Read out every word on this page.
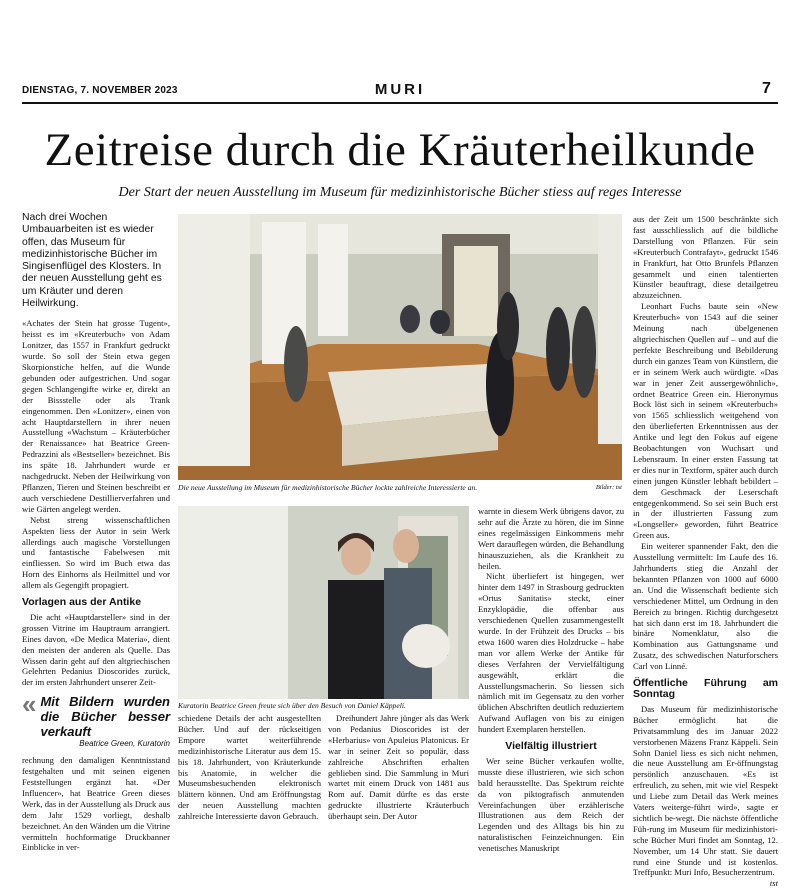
DIENSTAG, 7. NOVEMBER 2023	MURI	7
Zeitreise durch die Kräuterheilkunde
Der Start der neuen Ausstellung im Museum für medizinhistorische Bücher stiess auf reges Interesse
Nach drei Wochen Umbauarbeiten ist es wieder offen, das Museum für medizinhistorische Bücher im Singisenflügel des Klosters. In der neuen Ausstellung geht es um Kräuter und deren Heilwirkung.

«Achates der Stein hat grosse Tugent», heisst es im «Kreuterbuch» von Adam Lonitzer, das 1557 in Frankfurt gedruckt wurde. So soll der Stein etwa gegen Skorpionstiche helfen, auf die Wunde gebunden oder aufgestrichen. Und sogar gegen Schlangengifte wirke er, direkt an der Bissstelle oder als Trank eingenommen. Den «Lonitzer», einen von acht Hauptdarstellern in ihrer neuen Ausstellung «Wachstum – Kräuterbücher der Renaissance» hat Beatrice Green-Pedrazzini als «Bestseller» bezeichnet. Bis ins späte 18. Jahrhundert wurde er nachgedruckt. Neben der Heilwirkung von Pflanzen, Tieren und Steinen beschreibt er auch verschiedene Destillierverfahren und wie Gärten angelegt werden.

Nebst streng wissenschaftlichen Aspekten liess der Autor in sein Werk allerdings auch magische Vorstellungen und fantastische Fabelwesen mit einfliessen. So wird im Buch etwa das Horn des Einhorns als Heilmittel und vor allem als Gegengift propagiert.

Vorlagen aus der Antike

Die acht «Hauptdarsteller» sind in der grossen Vitrine im Hauptraum arrangiert. Eines davon, «De Medica Materia», dient den meisten der anderen als Quelle. Das Wissen darin geht auf den altgriechischen Gelehrten Pedanius Dioscorides zurück, der im ersten Jahrhundert unserer Zeit-

« Mit Bildern wurden die Bücher besser verkauft
Beatrice Green, Kuratorin

rechnung den damaligen Kenntnisstand festgehalten und mit seinen eigenen Feststellungen ergänzt hat. «Der Influencer», hat Beatrice Green dieses Werk, das in der Ausstellung als Druck aus dem Jahr 1529 vorliegt, deshalb bezeichnet. An den Wänden um die Vitrine vermitteln hochformatige Druckbanner Einblicke in ver-

Die neue Ausstellung im Museum für medizinhistorische Bücher lockte zahlreiche Interessierte an.	Bilder: tst
Kuratorin Beatrice Green freute sich über den Besuch von Daniel Käppeli.

schiedene Details der acht ausgestellten Bücher. Und auf der rückseitigen Empore wartet weiterführende medizinhistorische Literatur aus dem 15. bis 18. Jahrhundert, von Kräuterkunde bis Anatomie, in welcher die Museumsbesuchenden elektronisch blättern können. Und am Eröffnungstag der neuen Ausstellung machten zahlreiche Interessierte davon Gebrauch.

Dreihundert Jahre jünger als das Werk von Pedanius Dioscorides ist der «Herbarius» von Apuleius Platonicus. Er war in seiner Zeit so populär, dass zahlreiche Abschriften erhalten geblieben sind. Die Sammlung in Muri wartet mit einem Druck von 1481 aus Rom auf. Damit dürfte es das erste gedruckte illustrierte Kräuterbuch überhaupt sein. Der Autor

warnte in diesem Werk übrigens davor, zu sehr auf die Ärzte zu hören, die im Sinne eines regelmässigen Einkommens mehr Wert darauflegen würden, die Behandlung hinauszuziehen, als die Krankheit zu heilen.

Nicht überliefert ist hingegen, wer hinter dem 1497 in Strasbourg gedruckten «Ortus Sanitatis» steckt, einer Enzyklopädie, die offenbar aus verschiedenen Quellen zusammengestellt wurde. In der Frühzeit des Drucks – bis etwa 1600 waren dies Holzdrucke – habe man vor allem Werke der Antike für dieses Verfahren der Vervielfältigung ausgewählt, erklärt die Ausstellungsmacherin. So liessen sich nämlich mit im Gegensatz zu den vorher üblichen Abschriften deutlich reduziertem Aufwand Auflagen von bis zu einigen hundert Exemplaren herstellen.

Vielfältig illustriert

Wer seine Bücher verkaufen wollte, musste diese illustrieren, wie sich schon bald herausstellte. Das Spektrum reichte da von piktografisch anmutenden Vereinfachungen über erzählerische Illustrationen aus dem Reich der Legenden und des Alltags bis hin zu naturalistischen Feinzeichnungen. Ein venetisches Manuskript

aus der Zeit um 1500 beschränkte sich fast ausschliesslich auf die bildliche Darstellung von Pflanzen. Für sein «Kreuterbuch Contrafayt», gedruckt 1546 in Frankfurt, hat Otto Brunfels Pflanzen gesammelt und einen talentierten Künstler beauftragt, diese detailgetreu abzuzeichnen.

Leonhart Fuchs baute sein «New Kreuterbuch» von 1543 auf die seiner Meinung nach übelgenenen altgriechischen Quellen auf – und auf die perfekte Beschreibung und Bebilderung durch ein ganzes Team von Künstlern, die er in seinem Werk auch würdigte. «Das war in jener Zeit aussergewöhnlich», ordnet Beatrice Green ein. Hieronymus Bock löst sich in seinem «Kreuterbuch» von 1565 schliesslich weitgehend von den überlieferten Erkenntnissen aus der Antike und legt den Fokus auf eigene Beobachtungen von Wuchsart und Lebensraum. In einer ersten Fassung tat er dies nur in Textform, später auch durch einen jungen Künstler lebhaft bebildert – dem Geschmack der Leserschaft entgegenkommend. So sei sein Buch erst in der illustrierten Fassung zum «Longseller» geworden, führt Beatrice Green aus.

Ein weiterer spannender Fakt, den die Ausstellung vermittelt: Im Laufe des 16. Jahrhunderts stieg die Anzahl der bekannten Pflanzen von 1000 auf 6000 an. Und die Wissenschaft bediente sich verschiedener Mittel, um Ordnung in den Bereich zu bringen. Richtig durchgesetzt hat sich dann erst im 18. Jahrhundert die binäre Nomenklatur, also die Kombination aus Gattungsname und Zusatz, des schwedischen Naturforschers Carl von Linné.

Öffentliche Führung am Sonntag

Das Museum für medizinhistorische Bücher ermöglicht hat die Privatsammlung des im Januar 2022 verstorbenen Mäzens Franz Käppeli. Sein Sohn Daniel liess es sich nicht nehmen, die neue Ausstellung am Er-öffnungstag persönlich anzuschauen. «Es ist erfreulich, zu sehen, mit wie viel Respekt und Liebe zum Detail das Werk meines Vaters weiterge-führt wird», sagte er sichtlich be-wegt. Die nächste öffentliche Füh-rung im Museum für medizinhistori-sche Bücher Muri findet am Sonntag, 12. November, um 14 Uhr statt. Sie dauert rund eine Stunde und ist kostenlos. Treffpunkt: Muri Info, Besucherzentrum.

tst
